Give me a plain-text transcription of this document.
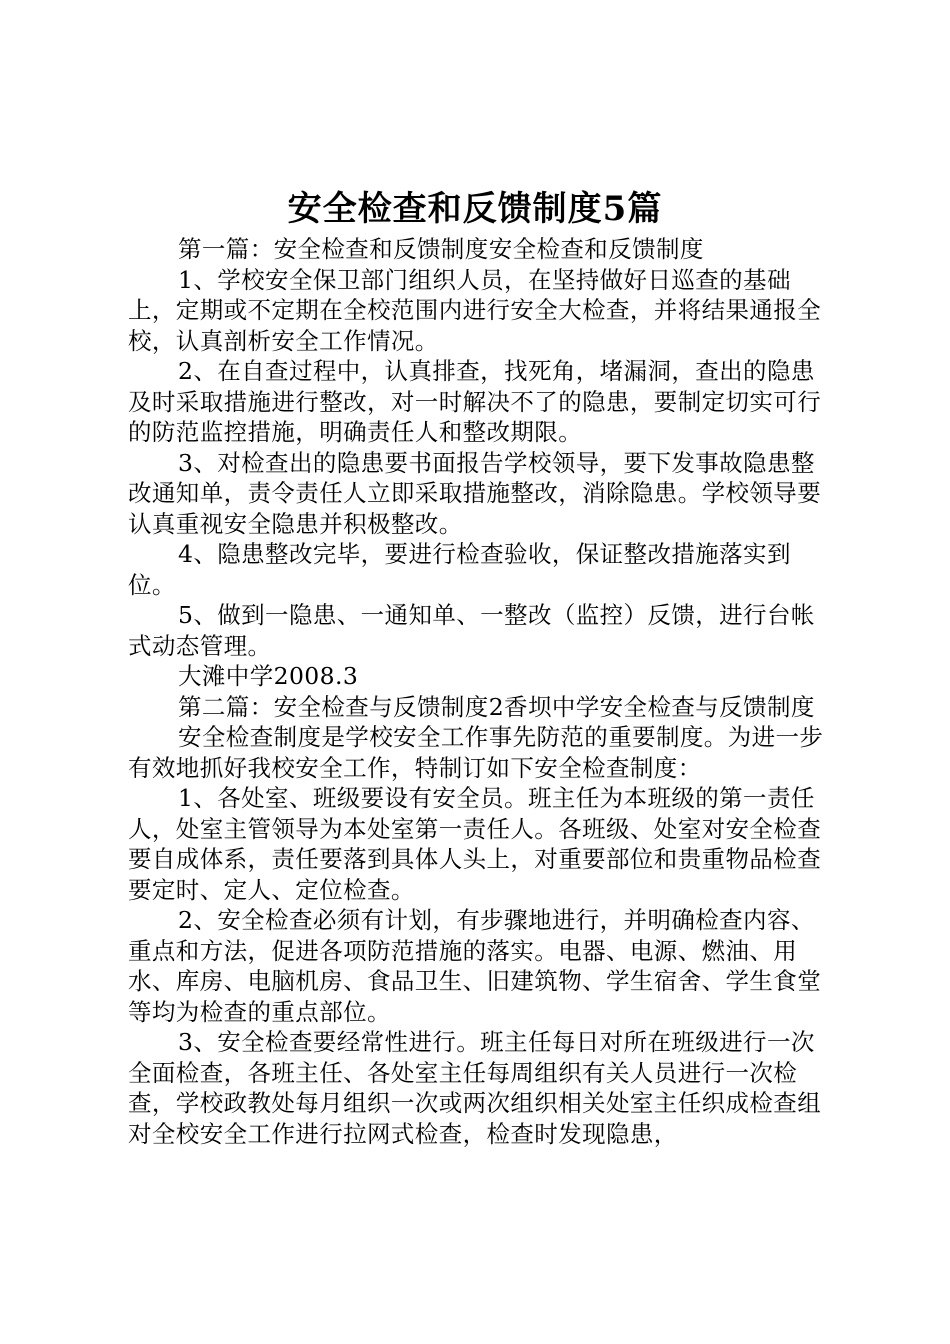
安全检查和反馈制度5篇

第一篇：安全检查和反馈制度安全检查和反馈制度

1、学校安全保卫部门组织人员，在坚持做好日巡查的基础上，定期或不定期在全校范围内进行安全大检查，并将结果通报全校，认真剖析安全工作情况。

2、在自查过程中，认真排查，找死角，堵漏洞，查出的隐患及时采取措施进行整改，对一时解决不了的隐患，要制定切实可行的防范监控措施，明确责任人和整改期限。

3、对检查出的隐患要书面报告学校领导，要下发事故隐患整改通知单，责令责任人立即采取措施整改，消除隐患。学校领导要认真重视安全隐患并积极整改。

4、隐患整改完毕，要进行检查验收，保证整改措施落实到位。

5、做到一隐患、一通知单、一整改（监控）反馈，进行台帐式动态管理。

大滩中学2008.3

第二篇：安全检查与反馈制度2香坝中学安全检查与反馈制度

安全检查制度是学校安全工作事先防范的重要制度。为进一步有效地抓好我校安全工作，特制订如下安全检查制度：

1、各处室、班级要设有安全员。班主任为本班级的第一责任人，处室主管领导为本处室第一责任人。各班级、处室对安全检查要自成体系，责任要落到具体人头上，对重要部位和贵重物品检查要定时、定人、定位检查。

2、安全检查必须有计划，有步骤地进行，并明确检查内容、重点和方法，促进各项防范措施的落实。电器、电源、燃油、用水、库房、电脑机房、食品卫生、旧建筑物、学生宿舍、学生食堂等均为检查的重点部位。

3、安全检查要经常性进行。班主任每日对所在班级进行一次全面检查，各班主任、各处室主任每周组织有关人员进行一次检查，学校政教处每月组织一次或两次组织相关处室主任织成检查组对全校安全工作进行拉网式检查，检查时发现隐患，
